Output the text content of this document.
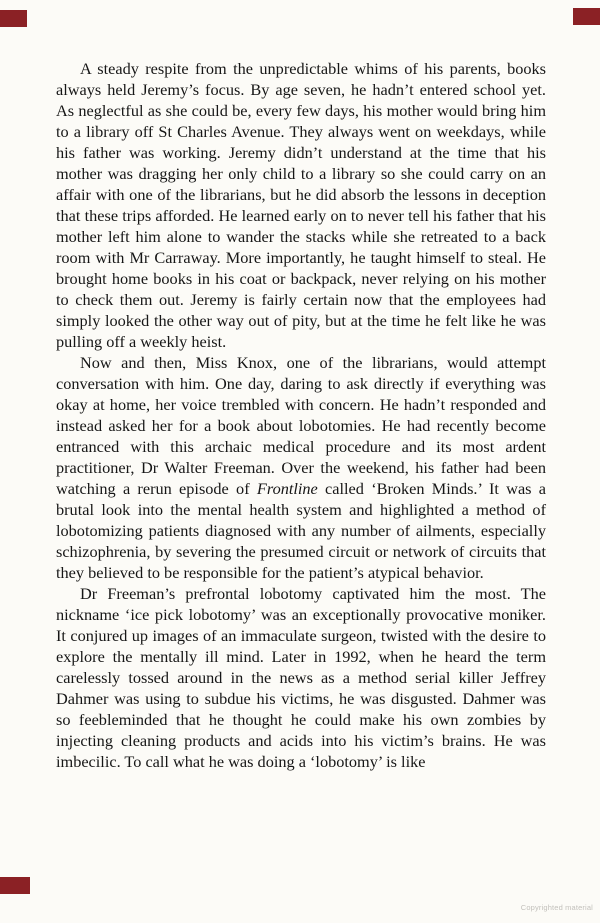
A steady respite from the unpredictable whims of his parents, books always held Jeremy’s focus. By age seven, he hadn’t entered school yet. As neglectful as she could be, every few days, his mother would bring him to a library off St Charles Avenue. They always went on weekdays, while his father was working. Jeremy didn’t understand at the time that his mother was dragging her only child to a library so she could carry on an affair with one of the librarians, but he did absorb the lessons in deception that these trips afforded. He learned early on to never tell his father that his mother left him alone to wander the stacks while she retreated to a back room with Mr Carraway. More importantly, he taught himself to steal. He brought home books in his coat or backpack, never relying on his mother to check them out. Jeremy is fairly certain now that the employees had simply looked the other way out of pity, but at the time he felt like he was pulling off a weekly heist.

Now and then, Miss Knox, one of the librarians, would attempt conversation with him. One day, daring to ask directly if everything was okay at home, her voice trembled with concern. He hadn’t responded and instead asked her for a book about lobotomies. He had recently become entranced with this archaic medical procedure and its most ardent practitioner, Dr Walter Freeman. Over the weekend, his father had been watching a rerun episode of Frontline called ‘Broken Minds.’ It was a brutal look into the mental health system and highlighted a method of lobotomizing patients diagnosed with any number of ailments, especially schizophrenia, by severing the presumed circuit or network of circuits that they believed to be responsible for the patient’s atypical behavior.

Dr Freeman’s prefrontal lobotomy captivated him the most. The nickname ‘ice pick lobotomy’ was an exceptionally provocative moniker. It conjured up images of an immaculate surgeon, twisted with the desire to explore the mentally ill mind. Later in 1992, when he heard the term carelessly tossed around in the news as a method serial killer Jeffrey Dahmer was using to subdue his victims, he was disgusted. Dahmer was so feebleminded that he thought he could make his own zombies by injecting cleaning products and acids into his victim’s brains. He was imbecilic. To call what he was doing a ‘lobotomy’ is like

Copyrighted material
